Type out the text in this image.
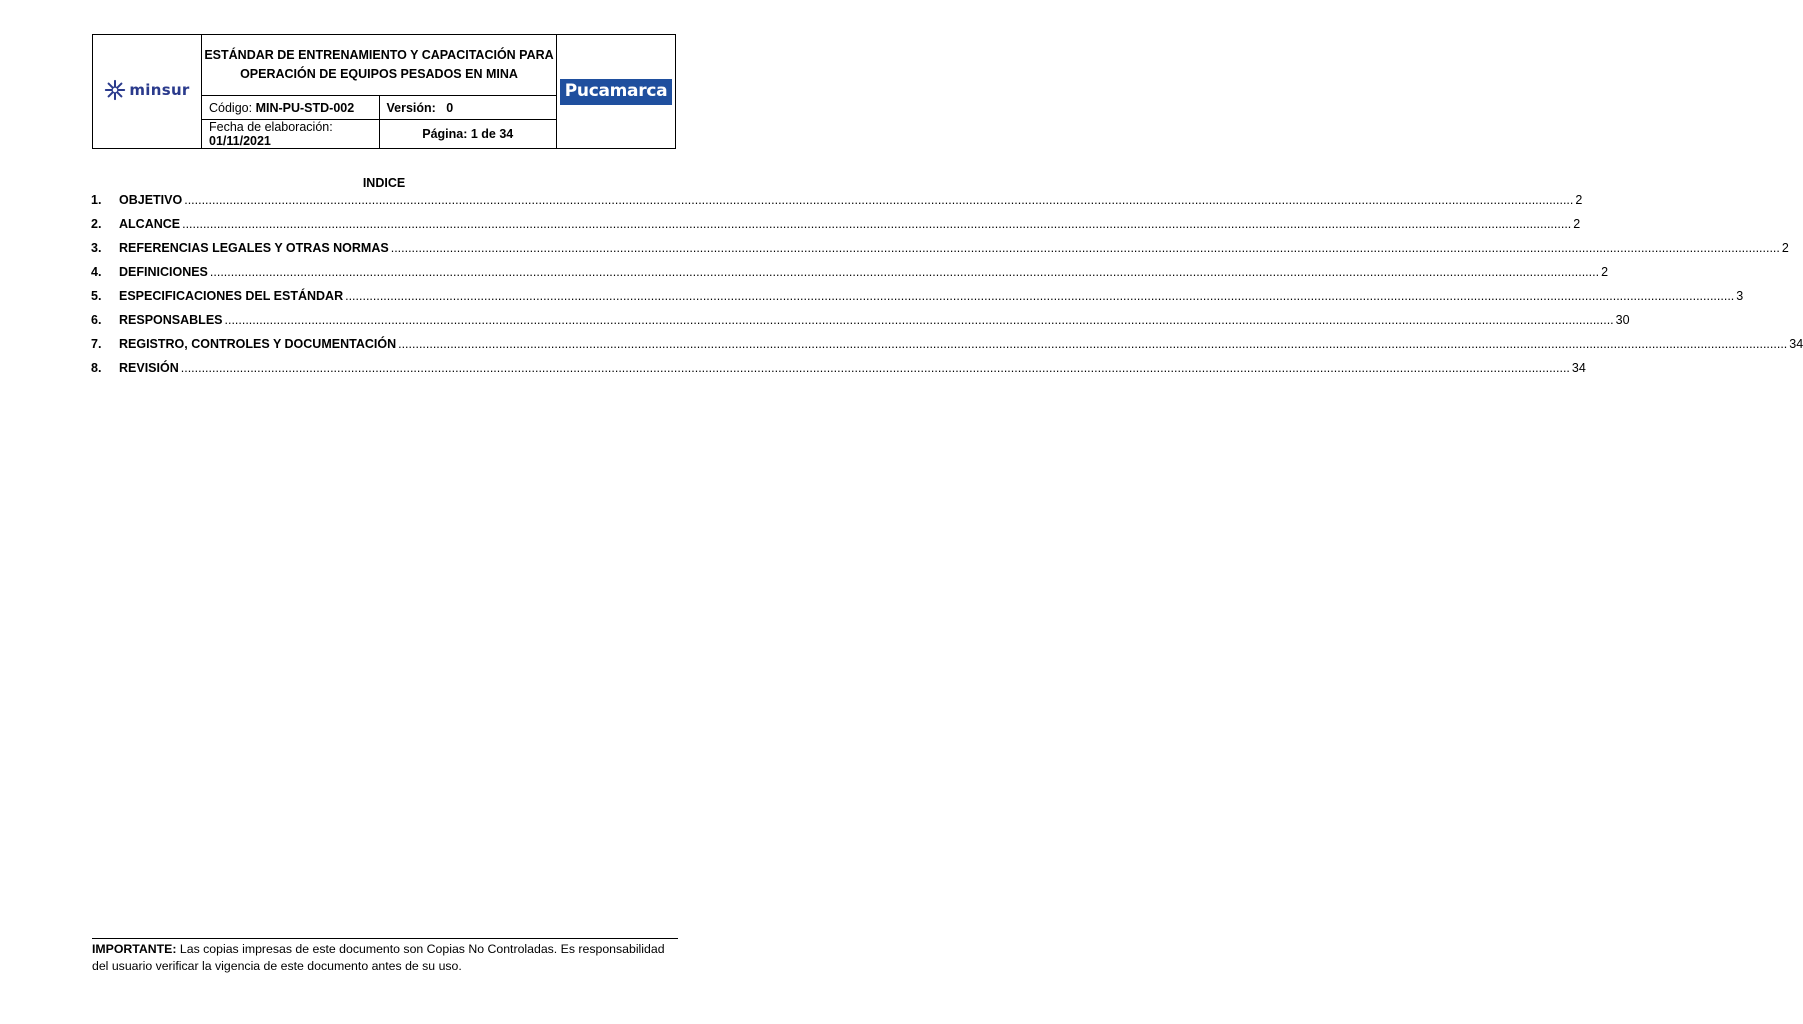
minsur	ESTÁNDAR DE ENTRENAMIENTO Y CAPACITACIÓN PARA OPERACIÓN DE EQUIPOS PESADOS EN MINA		Pucamarca
	Código: MIN-PU-STD-002	Versión: 0	
	Fecha de elaboración: 01/11/2021	Página: 1 de 34	
INDICE
1.	OBJETIVO ................................................................................................................................................................................................................................................................................................................................................................................................................ 2
2.	ALCANCE ................................................................................................................................................................................................................................................................................................................................................................................................................ 2
3.	REFERENCIAS LEGALES Y OTRAS NORMAS ................................................................................................................................................................................................................................................................................................................................................................................................................ 2
4.	DEFINICIONES ................................................................................................................................................................................................................................................................................................................................................................................................................ 2
5.	ESPECIFICACIONES DEL ESTÁNDAR ................................................................................................................................................................................................................................................................................................................................................................................................................ 3
6.	RESPONSABLES ................................................................................................................................................................................................................................................................................................................................................................................................................ 30
7.	REGISTRO, CONTROLES Y DOCUMENTACIÓN ................................................................................................................................................................................................................................................................................................................................................................................................................ 34
8.	REVISIÓN ................................................................................................................................................................................................................................................................................................................................................................................................................ 34
IMPORTANTE: Las copias impresas de este documento son Copias No Controladas. Es responsabilidad del usuario verificar la vigencia de este documento antes de su uso.
